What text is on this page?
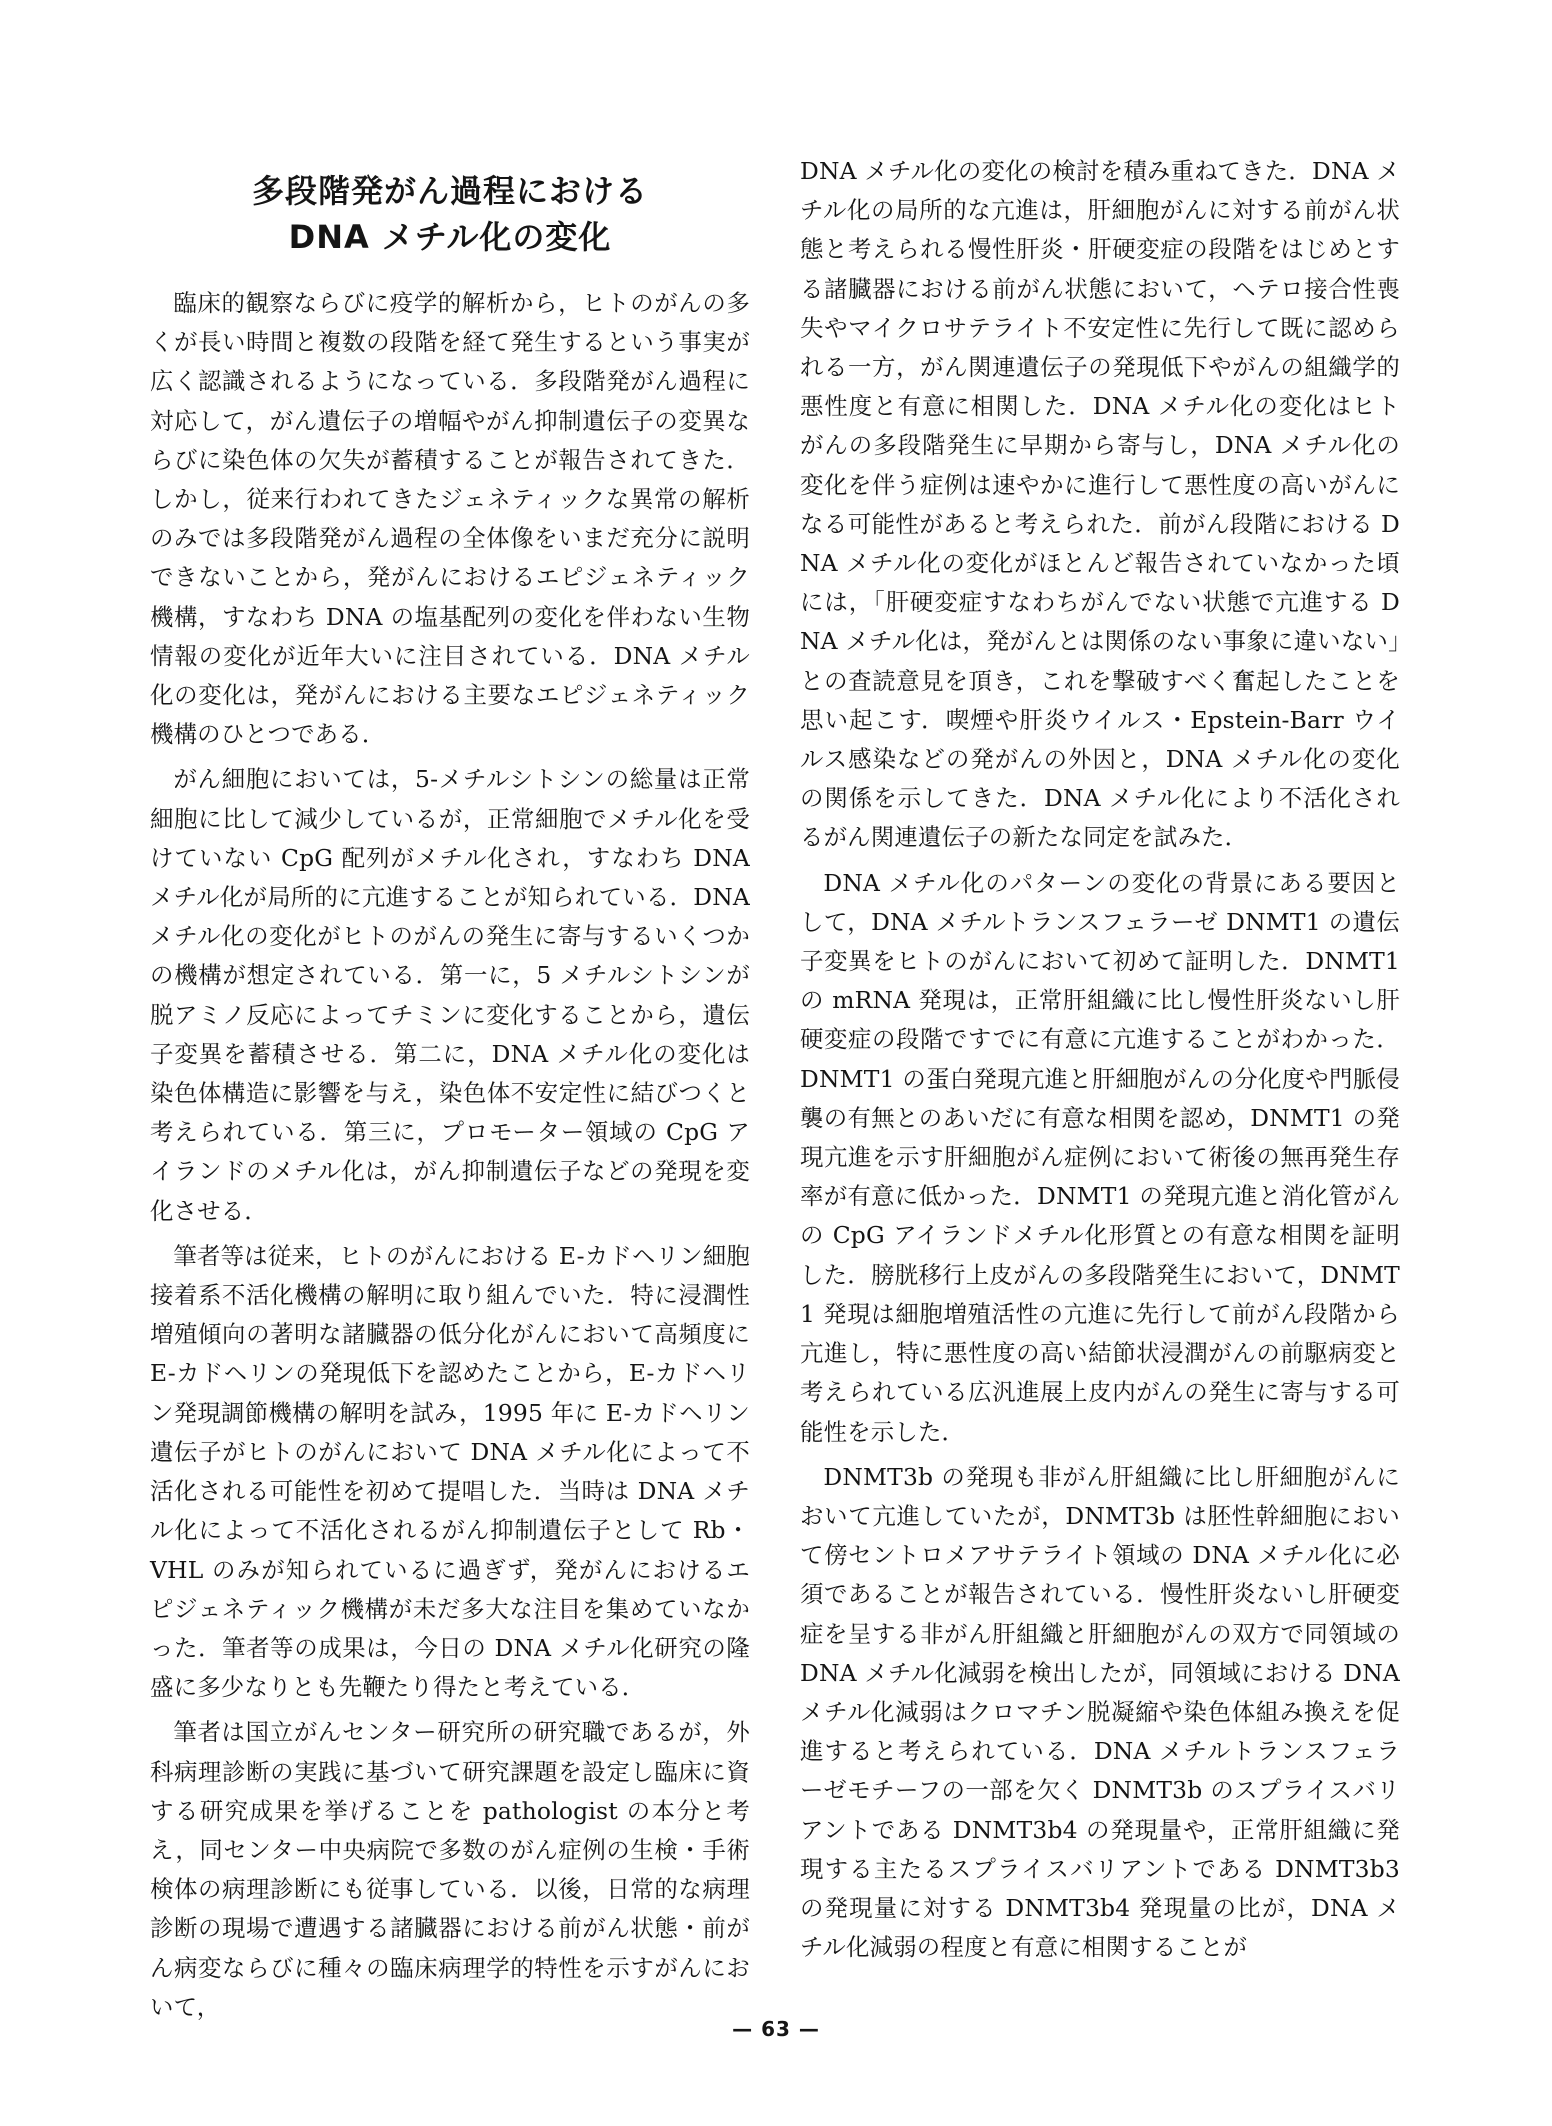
多段階発がん過程における
DNA メチル化の変化

臨床的観察ならびに疫学的解析から，ヒトのがんの多くが長い時間と複数の段階を経て発生するという事実が広く認識されるようになっている．多段階発がん過程に対応して，がん遺伝子の増幅やがん抑制遺伝子の変異ならびに染色体の欠失が蓄積することが報告されてきた．しかし，従来行われてきたジェネティックな異常の解析のみでは多段階発がん過程の全体像をいまだ充分に説明できないことから，発がんにおけるエピジェネティック機構，すなわち DNA の塩基配列の変化を伴わない生物情報の変化が近年大いに注目されている．DNA メチル化の変化は，発がんにおける主要なエピジェネティック機構のひとつである．

がん細胞においては，5-メチルシトシンの総量は正常細胞に比して減少しているが，正常細胞でメチル化を受けていない CpG 配列がメチル化され，すなわち DNA メチル化が局所的に亢進することが知られている．DNA メチル化の変化がヒトのがんの発生に寄与するいくつかの機構が想定されている．第一に，5 メチルシトシンが脱アミノ反応によってチミンに変化することから，遺伝子変異を蓄積させる．第二に，DNA メチル化の変化は染色体構造に影響を与え，染色体不安定性に結びつくと考えられている．第三に，プロモーター領域の CpG アイランドのメチル化は，がん抑制遺伝子などの発現を変化させる．

筆者等は従来，ヒトのがんにおける E-カドヘリン細胞接着系不活化機構の解明に取り組んでいた．特に浸潤性増殖傾向の著明な諸臓器の低分化がんにおいて高頻度に E-カドヘリンの発現低下を認めたことから，E-カドヘリン発現調節機構の解明を試み，1995 年に E-カドヘリン遺伝子がヒトのがんにおいて DNA メチル化によって不活化される可能性を初めて提唱した．当時は DNA メチル化によって不活化されるがん抑制遺伝子として Rb・VHL のみが知られているに過ぎず，発がんにおけるエピジェネティック機構が未だ多大な注目を集めていなかった．筆者等の成果は，今日の DNA メチル化研究の隆盛に多少なりとも先鞭たり得たと考えている．

筆者は国立がんセンター研究所の研究職であるが，外科病理診断の実践に基づいて研究課題を設定し臨床に資する研究成果を挙げることを pathologist の本分と考え，同センター中央病院で多数のがん症例の生検・手術検体の病理診断にも従事している．以後，日常的な病理診断の現場で遭遇する諸臓器における前がん状態・前がん病変ならびに種々の臨床病理学的特性を示すがんにおいて，

DNA メチル化の変化の検討を積み重ねてきた．DNA メチル化の局所的な亢進は，肝細胞がんに対する前がん状態と考えられる慢性肝炎・肝硬変症の段階をはじめとする諸臓器における前がん状態において，ヘテロ接合性喪失やマイクロサテライト不安定性に先行して既に認められる一方，がん関連遺伝子の発現低下やがんの組織学的悪性度と有意に相関した．DNA メチル化の変化はヒトがんの多段階発生に早期から寄与し，DNA メチル化の変化を伴う症例は速やかに進行して悪性度の高いがんになる可能性があると考えられた．前がん段階における DNA メチル化の変化がほとんど報告されていなかった頃には，「肝硬変症すなわちがんでない状態で亢進する DNA メチル化は，発がんとは関係のない事象に違いない」との査読意見を頂き，これを撃破すべく奮起したことを思い起こす．喫煙や肝炎ウイルス・Epstein-Barr ウイルス感染などの発がんの外因と，DNA メチル化の変化の関係を示してきた．DNA メチル化により不活化されるがん関連遺伝子の新たな同定を試みた．

DNA メチル化のパターンの変化の背景にある要因として，DNA メチルトランスフェラーゼ DNMT1 の遺伝子変異をヒトのがんにおいて初めて証明した．DNMT1 の mRNA 発現は，正常肝組織に比し慢性肝炎ないし肝硬変症の段階ですでに有意に亢進することがわかった．DNMT1 の蛋白発現亢進と肝細胞がんの分化度や門脈侵襲の有無とのあいだに有意な相関を認め，DNMT1 の発現亢進を示す肝細胞がん症例において術後の無再発生存率が有意に低かった．DNMT1 の発現亢進と消化管がんの CpG アイランドメチル化形質との有意な相関を証明した．膀胱移行上皮がんの多段階発生において，DNMT1 発現は細胞増殖活性の亢進に先行して前がん段階から亢進し，特に悪性度の高い結節状浸潤がんの前駆病変と考えられている広汎進展上皮内がんの発生に寄与する可能性を示した．

DNMT3b の発現も非がん肝組織に比し肝細胞がんにおいて亢進していたが，DNMT3b は胚性幹細胞において傍セントロメアサテライト領域の DNA メチル化に必須であることが報告されている．慢性肝炎ないし肝硬変症を呈する非がん肝組織と肝細胞がんの双方で同領域の DNA メチル化減弱を検出したが，同領域における DNA メチル化減弱はクロマチン脱凝縮や染色体組み換えを促進すると考えられている．DNA メチルトランスフェラーゼモチーフの一部を欠く DNMT3b のスプライスバリアントである DNMT3b4 の発現量や，正常肝組織に発現する主たるスプライスバリアントである DNMT3b3 の発現量に対する DNMT3b4 発現量の比が，DNA メチル化減弱の程度と有意に相関することが

— 63 —
